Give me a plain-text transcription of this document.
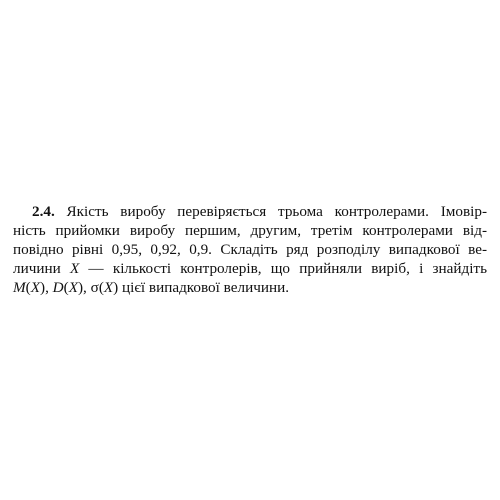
2.4. Якість виробу перевіряється трьома контролерами. Імовір-
ність прийомки виробу першим, другим, третім контролерами від-
повідно рівні 0,95, 0,92, 0,9. Складіть ряд розподілу випадкової ве-
личини X — кількості контролерів, що прийняли виріб, і знайдіть
M(X), D(X), σ(X) цієї випадкової величини.
